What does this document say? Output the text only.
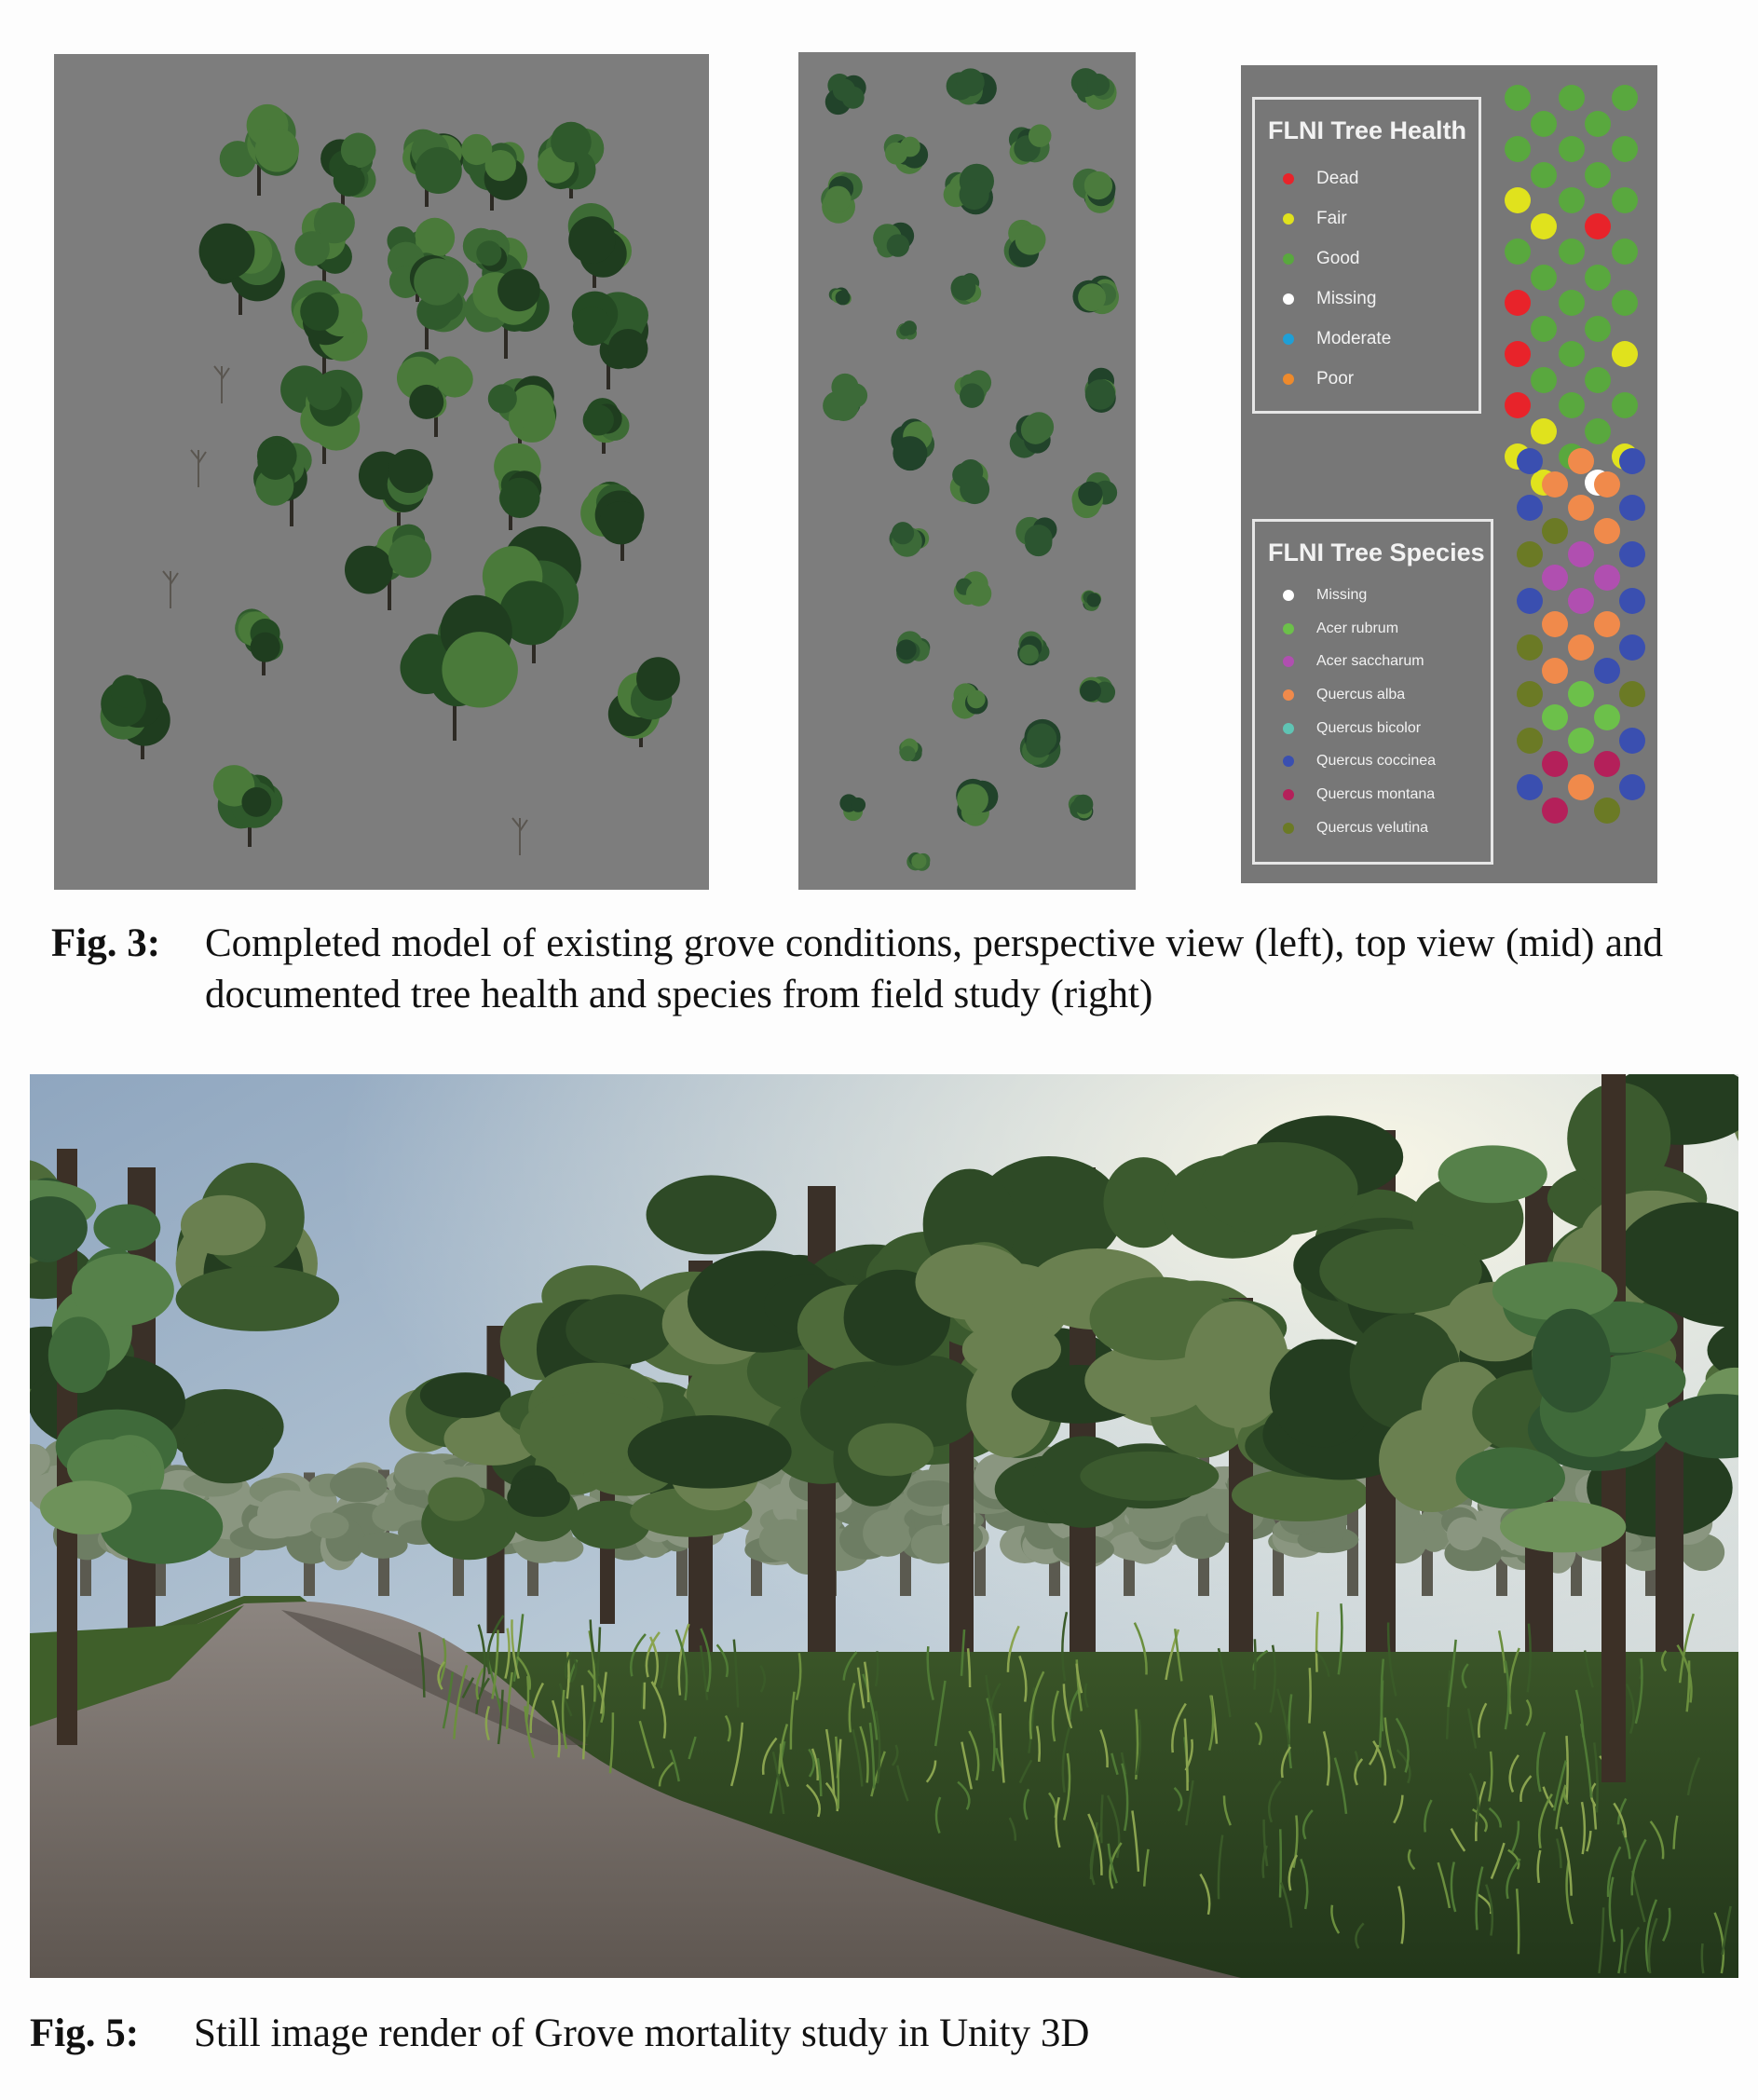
FLNI Tree Health
Dead
Fair
Good
Missing
Moderate
Poor
FLNI Tree Species
Missing
Acer rubrum
Acer saccharum
Quercus alba
Quercus bicolor
Quercus coccinea
Quercus montana
Quercus velutina
Fig. 3: Completed model of existing grove conditions, perspective view (left), top view (mid) and documented tree health and species from field study (right)
Fig. 5: Still image render of Grove mortality study in Unity 3D
